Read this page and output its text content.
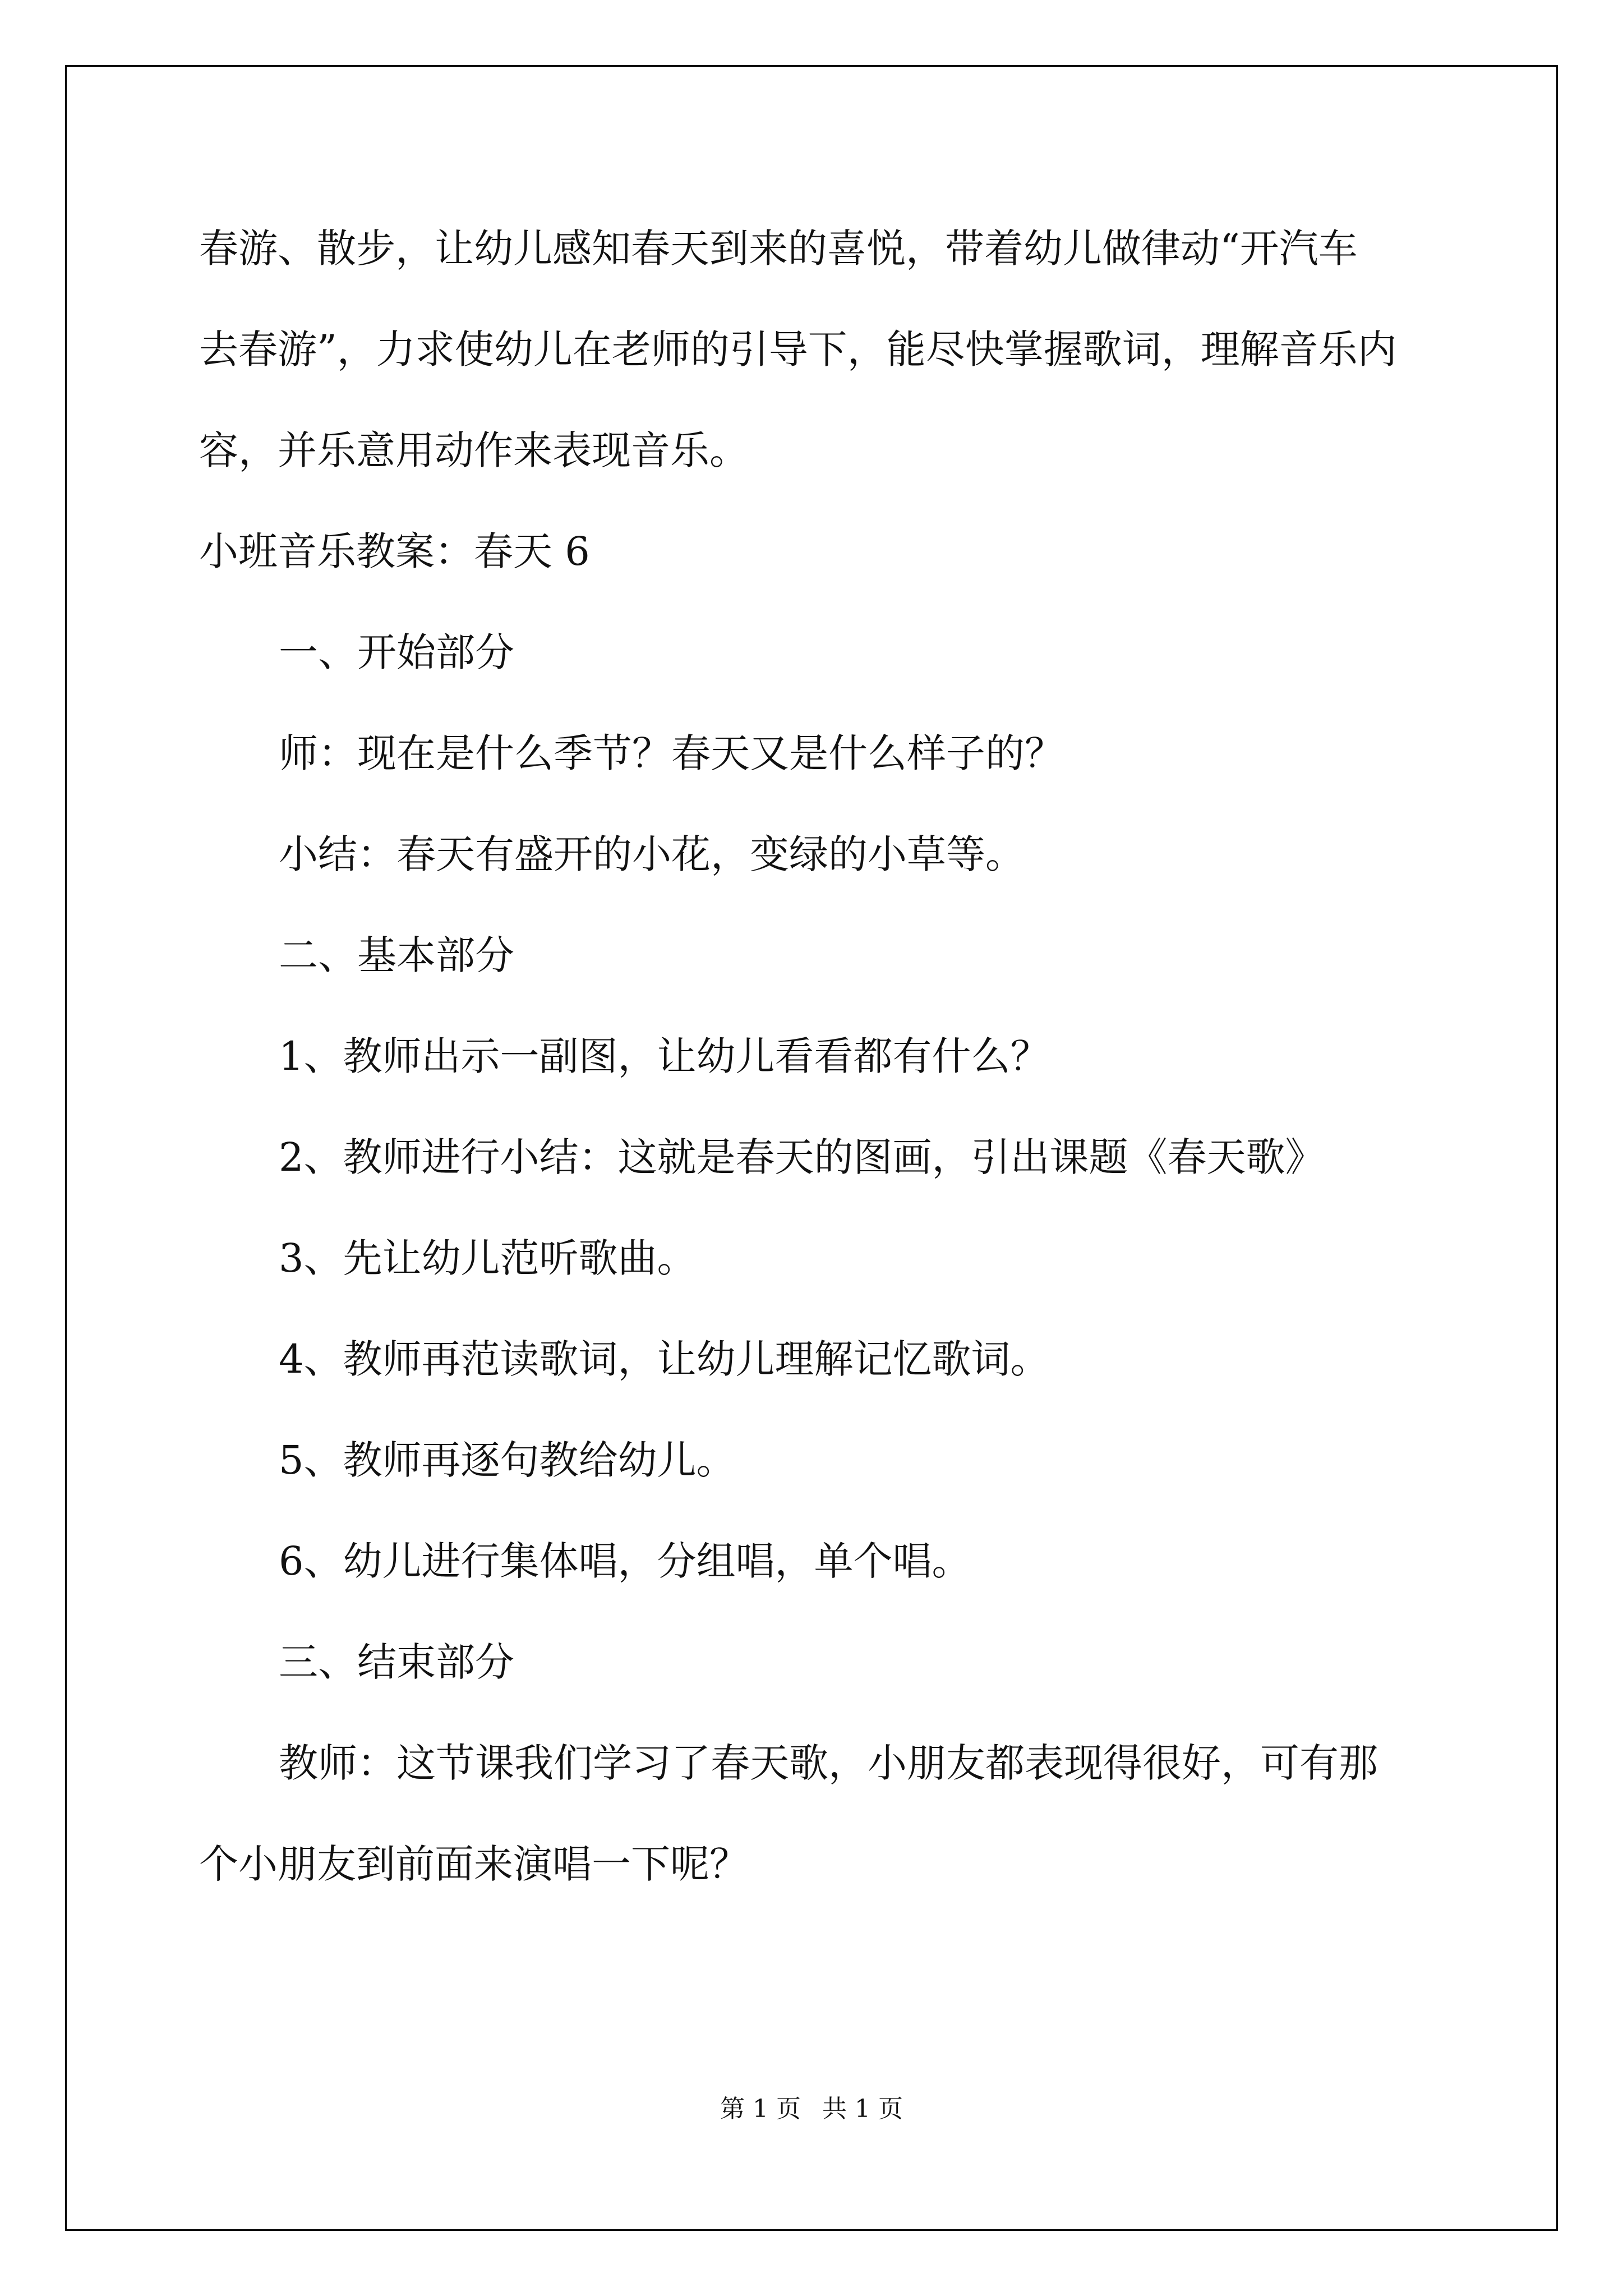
春游、散步，让幼儿感知春天到来的喜悦，带着幼儿做律动“开汽车
去春游”，力求使幼儿在老师的引导下，能尽快掌握歌词，理解音乐内
容，并乐意用动作来表现音乐。
小班音乐教案：春天 6
一、开始部分
师：现在是什么季节？春天又是什么样子的？
小结：春天有盛开的小花，变绿的小草等。
二、基本部分
1、教师出示一副图，让幼儿看看都有什么？
2、教师进行小结：这就是春天的图画，引出课题《春天歌》
3、先让幼儿范听歌曲。
4、教师再范读歌词，让幼儿理解记忆歌词。
5、教师再逐句教给幼儿。
6、幼儿进行集体唱，分组唱，单个唱。
三、结束部分
教师：这节课我们学习了春天歌，小朋友都表现得很好，可有那
个小朋友到前面来演唱一下呢？
第 1 页 共 1 页
